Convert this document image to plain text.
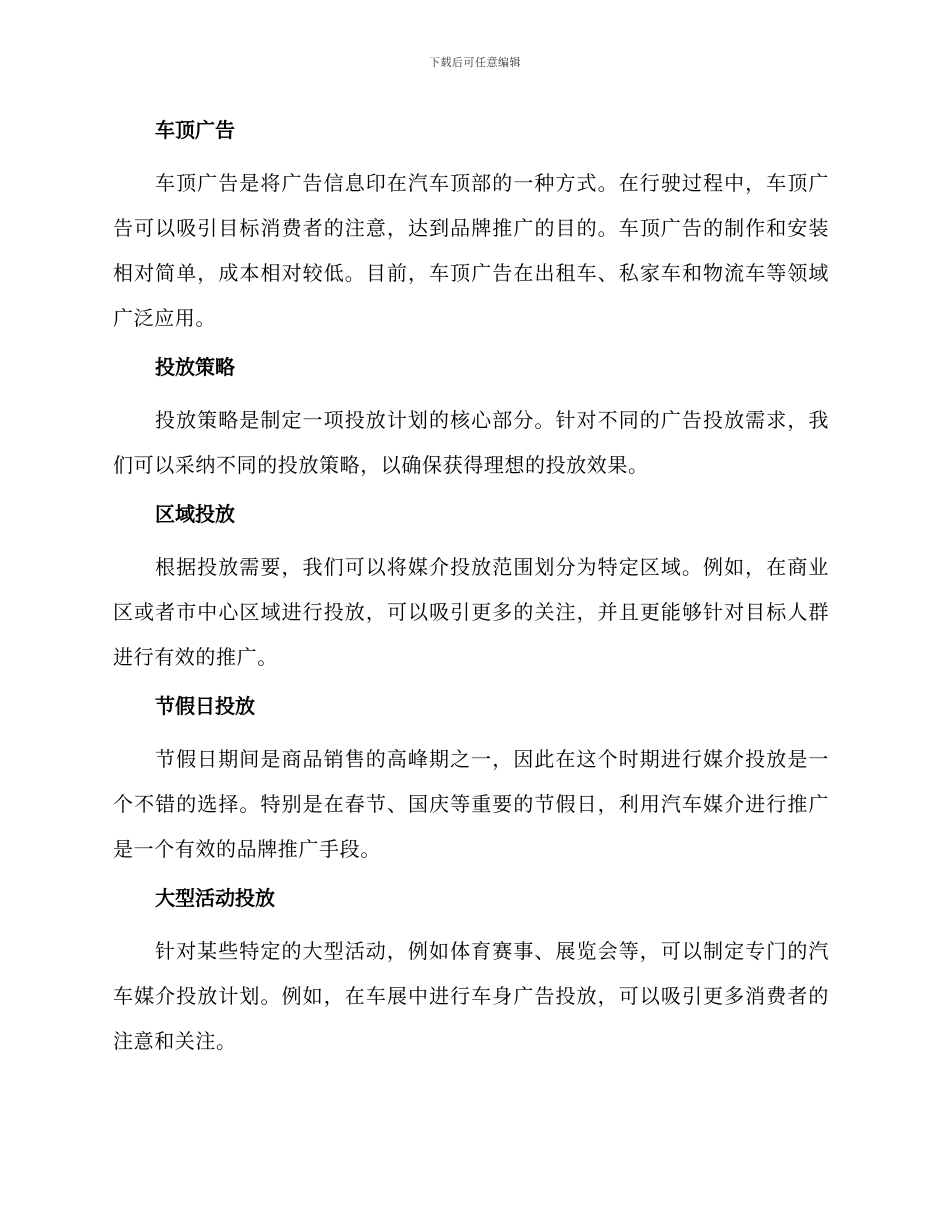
下载后可任意编辑
车顶广告

车顶广告是将广告信息印在汽车顶部的一种方式。在行驶过程中，车顶广告可以吸引目标消费者的注意，达到品牌推广的目的。车顶广告的制作和安装相对简单，成本相对较低。目前，车顶广告在出租车、私家车和物流车等领域广泛应用。

投放策略

投放策略是制定一项投放计划的核心部分。针对不同的广告投放需求，我们可以采纳不同的投放策略，以确保获得理想的投放效果。

区域投放

根据投放需要，我们可以将媒介投放范围划分为特定区域。例如，在商业区或者市中心区域进行投放，可以吸引更多的关注，并且更能够针对目标人群进行有效的推广。

节假日投放

节假日期间是商品销售的高峰期之一，因此在这个时期进行媒介投放是一个不错的选择。特别是在春节、国庆等重要的节假日，利用汽车媒介进行推广是一个有效的品牌推广手段。

大型活动投放

针对某些特定的大型活动，例如体育赛事、展览会等，可以制定专门的汽车媒介投放计划。例如，在车展中进行车身广告投放，可以吸引更多消费者的注意和关注。
